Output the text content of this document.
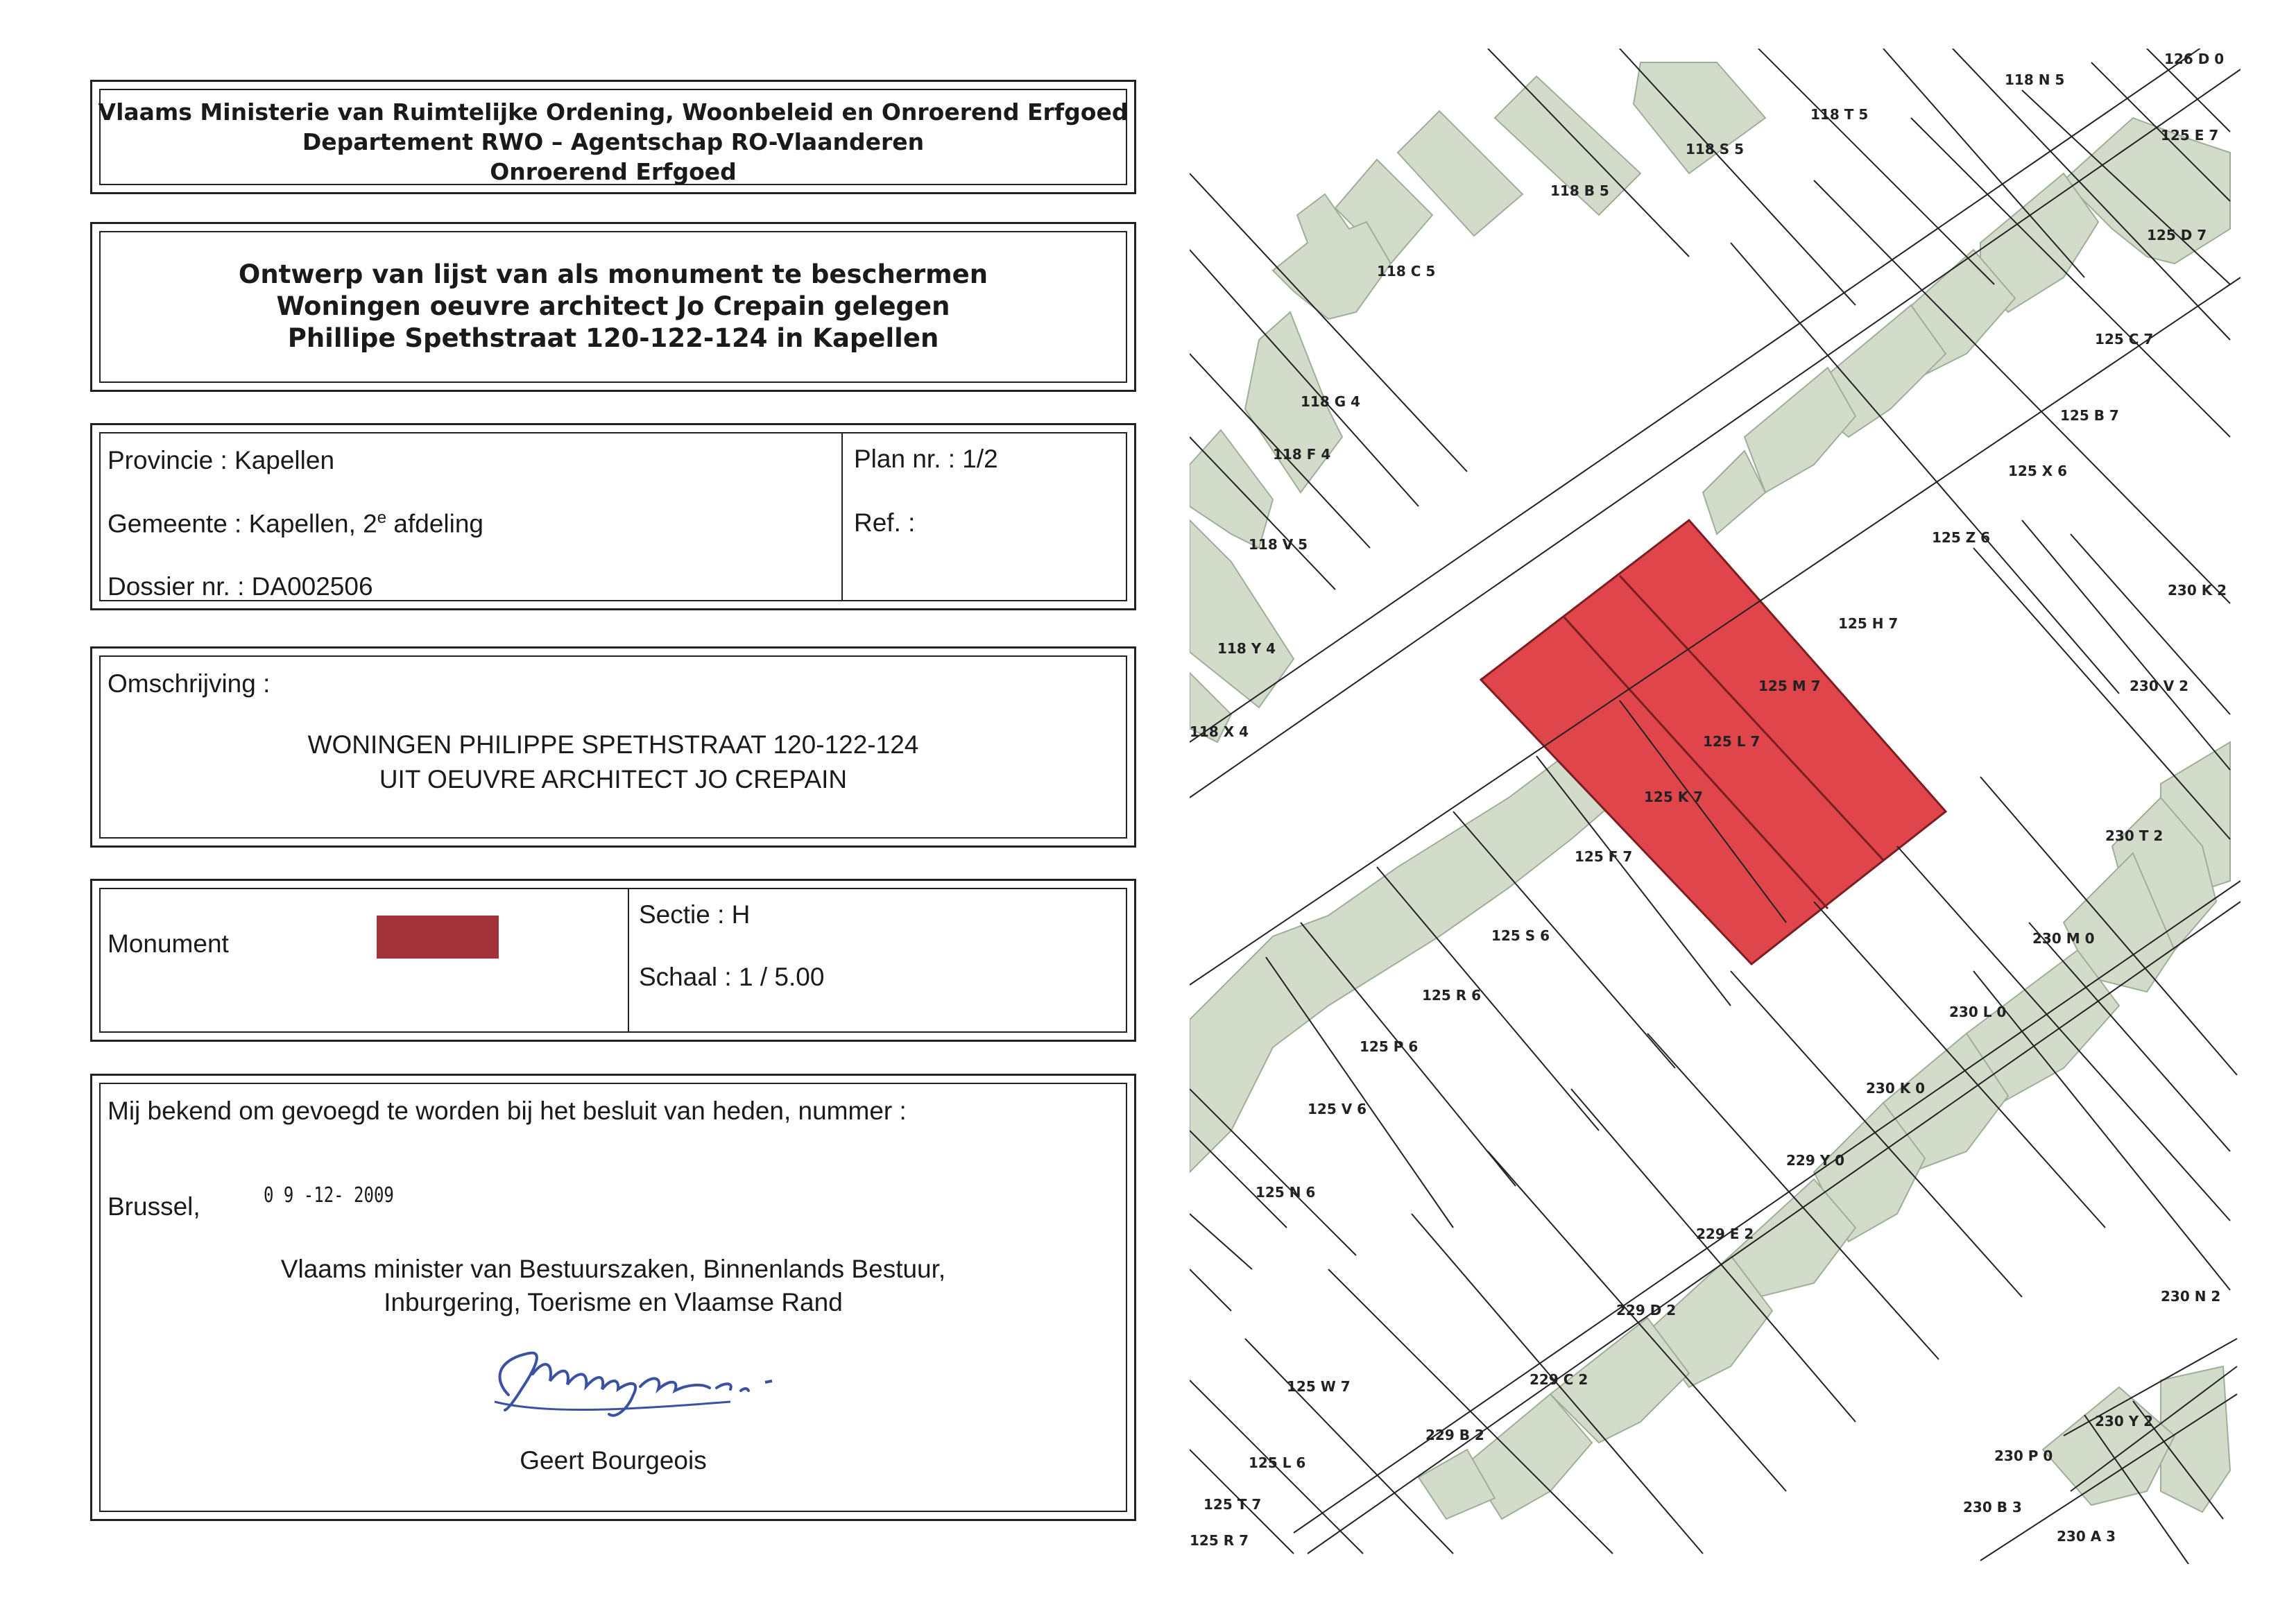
Vlaams Ministerie van Ruimtelijke Ordening, Woonbeleid en Onroerend Erfgoed
Departement RWO – Agentschap RO-Vlaanderen
Onroerend Erfgoed
Ontwerp van lijst van als monument te beschermen
Woningen oeuvre architect Jo Crepain gelegen
Phillipe Spethstraat 120-122-124 in Kapellen
Provincie : Kapellen
Gemeente : Kapellen, 2e afdeling
Dossier nr. : DA002506
Plan nr. : 1/2
Ref. :
Omschrijving :
WONINGEN PHILIPPE SPETHSTRAAT 120-122-124
UIT OEUVRE ARCHITECT JO CREPAIN
Monument
Sectie : H
Schaal : 1 / 5.00
Mij bekend om gevoegd te worden bij het besluit van heden, nummer :
Brussel,	0 9 -12- 2009
Vlaams minister van Bestuurszaken, Binnenlands Bestuur,
Inburgering, Toerisme en Vlaamse Rand
Geert Bourgeois
126 D 0
125 E 7
118 N 5
118 T 5
118 S 5
118 B 5
125 D 7
118 C 5
125 C 7
118 G 4
125 B 7
118 F 4
125 X 6
118 V 5	125 Z 6
230 K 2
125 H 7
118 Y 4
125 M 7	230 V 2
118 X 4
125 L 7
125 K 7
230 T 2
125 F 7
125 S 6	230 M 0
125 R 6
230 L 0
125 P 6
230 K 0
125 V 6
229 Y 0
125 N 6
229 E 2
230 N 2
229 D 2
125 W 7	229 C 2
229 B 2
230 Y 2
125 L 6	230 P 0
125 T 7	230 B 3
125 R 7	230 A 3
